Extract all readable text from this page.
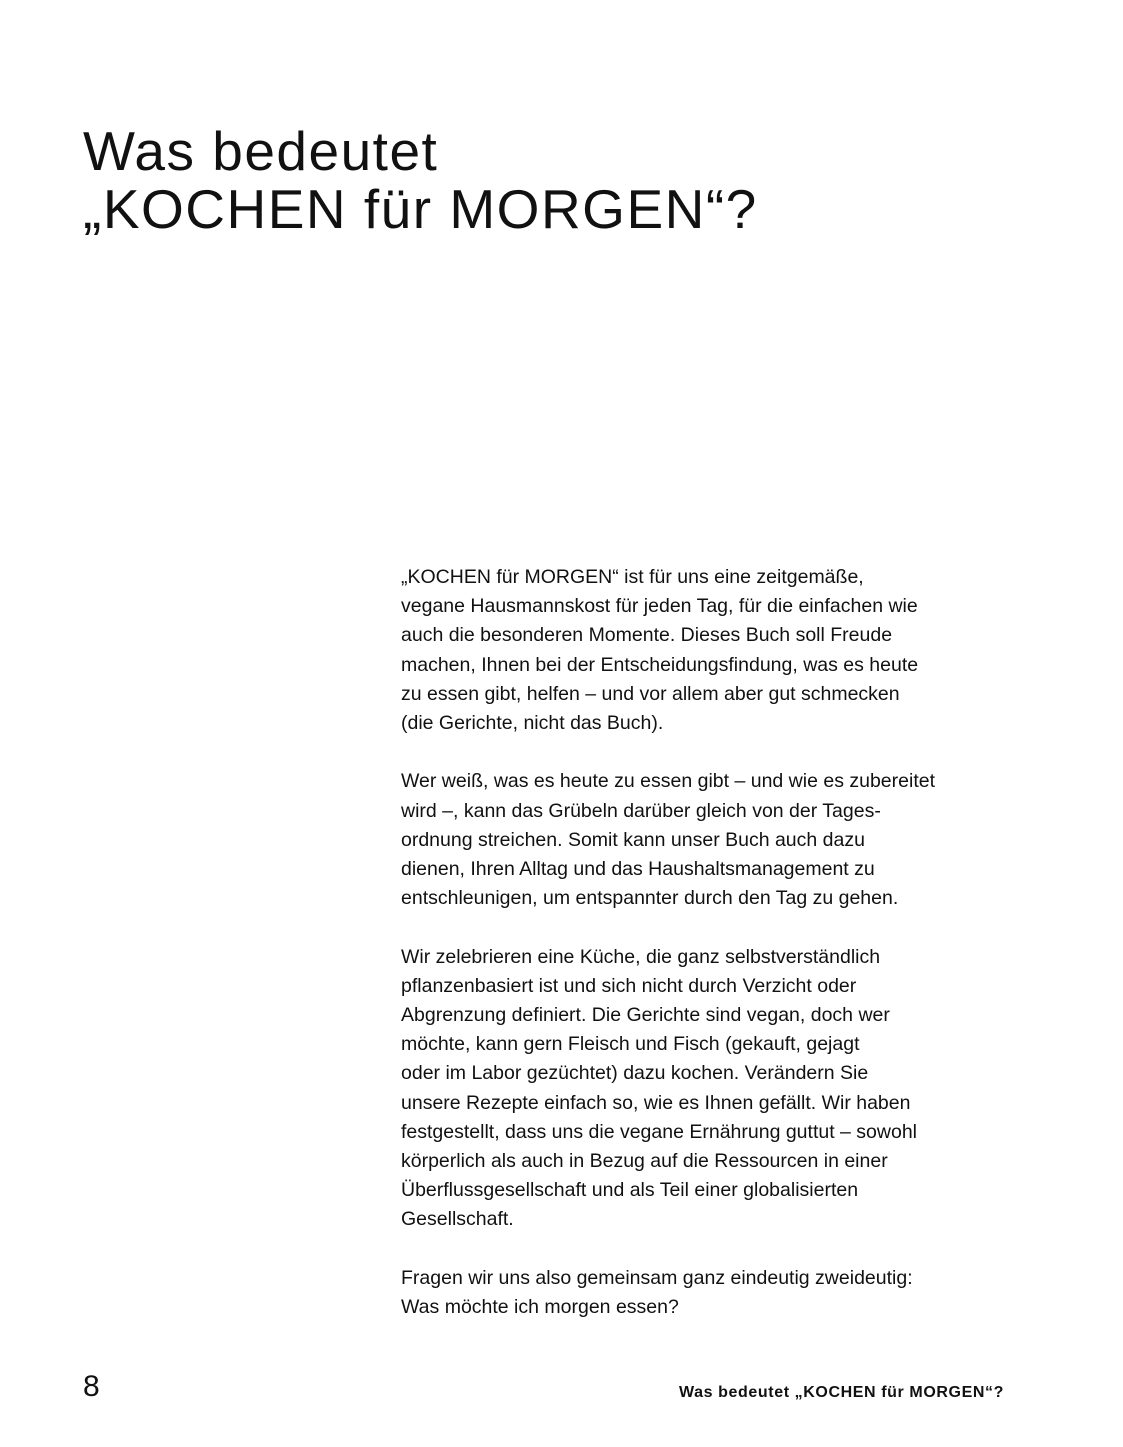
Was bedeutet
„KOCHEN für MORGEN“?

„KOCHEN für MORGEN“ ist für uns eine zeitgemäße,
vegane Hausmannskost für jeden Tag, für die einfachen wie
auch die besonderen Momente. Dieses Buch soll Freude
machen, Ihnen bei der Entscheidungsfindung, was es heute
zu essen gibt, helfen – und vor allem aber gut schmecken
(die Gerichte, nicht das Buch).

Wer weiß, was es heute zu essen gibt – und wie es zubereitet
wird –, kann das Grübeln darüber gleich von der Tages-
ordnung streichen. Somit kann unser Buch auch dazu
dienen, Ihren Alltag und das Haushaltsmanagement zu
entschleunigen, um entspannter durch den Tag zu gehen.

Wir zelebrieren eine Küche, die ganz selbstverständlich
pflanzenbasiert ist und sich nicht durch Verzicht oder
Abgrenzung definiert. Die Gerichte sind vegan, doch wer
möchte, kann gern Fleisch und Fisch (gekauft, gejagt
oder im Labor gezüchtet) dazu kochen. Verändern Sie
unsere Rezepte einfach so, wie es Ihnen gefällt. Wir haben
festgestellt, dass uns die vegane Ernährung guttut – sowohl
körperlich als auch in Bezug auf die Ressourcen in einer
Überflussgesellschaft und als Teil einer globalisierten
Gesellschaft.

Fragen wir uns also gemeinsam ganz eindeutig zweideutig:
Was möchte ich morgen essen?

8	Was bedeutet „KOCHEN für MORGEN“?
